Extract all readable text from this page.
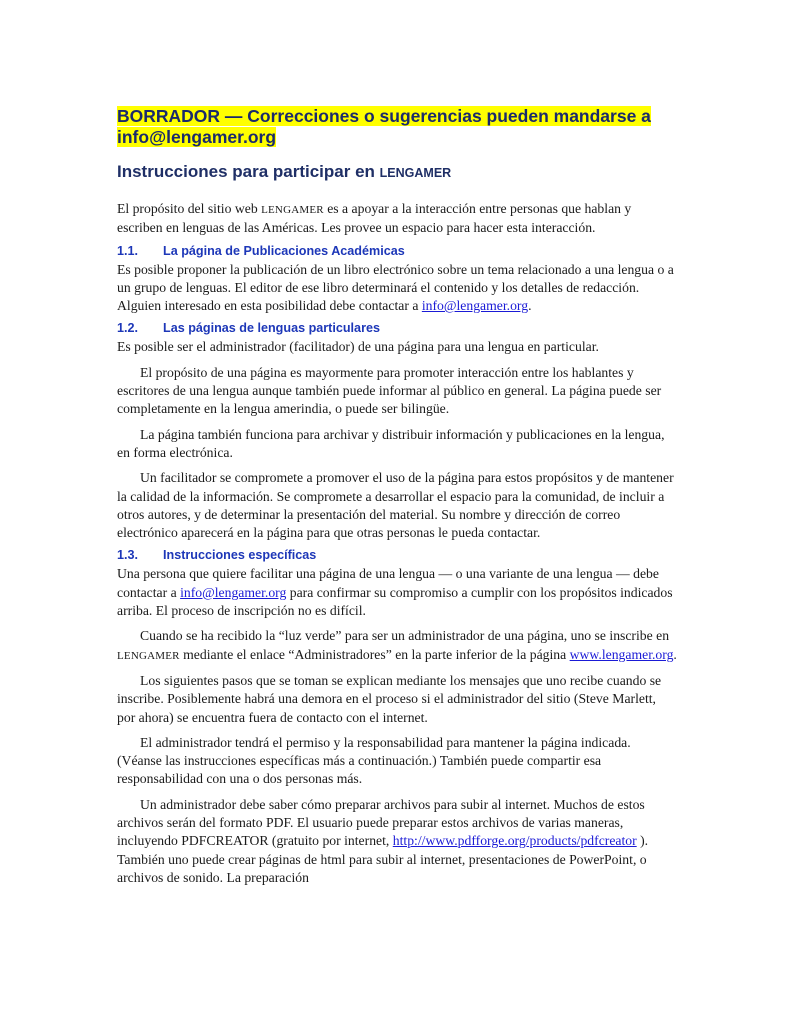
BORRADOR — Correcciones o sugerencias pueden mandarse a
info@lengamer.org
Instrucciones para participar en LENGAMER

El propósito del sitio web LENGAMER es a apoyar a la interacción entre personas que hablan y escriben en lenguas de las Américas. Les provee un espacio para hacer esta interacción.

1.1.	La página de Publicaciones Académicas

Es posible proponer la publicación de un libro electrónico sobre un tema relacionado a una lengua o a un grupo de lenguas. El editor de ese libro determinará el contenido y los detalles de redacción. Alguien interesado en esta posibilidad debe contactar a info@lengamer.org.

1.2.	Las páginas de lenguas particulares

Es posible ser el administrador (facilitador) de una página para una lengua en particular.

El propósito de una página es mayormente para promoter interacción entre los hablantes y escritores de una lengua aunque también puede informar al público en general. La página puede ser completamente en la lengua amerindia, o puede ser bilingüe.

La página también funciona para archivar y distribuir información y publicaciones en la lengua, en forma electrónica.

Un facilitador se compromete a promover el uso de la página para estos propósitos y de mantener la calidad de la información. Se compromete a desarrollar el espacio para la comunidad, de incluir a otros autores, y de determinar la presentación del material. Su nombre y dirección de correo electrónico aparecerá en la página para que otras personas le pueda contactar.

1.3.	Instrucciones específicas

Una persona que quiere facilitar una página de una lengua — o una variante de una lengua — debe contactar a info@lengamer.org para confirmar su compromiso a cumplir con los propósitos indicados arriba. El proceso de inscripción no es difícil.

Cuando se ha recibido la “luz verde” para ser un administrador de una página, uno se inscribe en LENGAMER mediante el enlace “Administradores” en la parte inferior de la página www.lengamer.org.

Los siguientes pasos que se toman se explican mediante los mensajes que uno recibe cuando se inscribe. Posiblemente habrá una demora en el proceso si el administrador del sitio (Steve Marlett, por ahora) se encuentra fuera de contacto con el internet.

El administrador tendrá el permiso y la responsabilidad para mantener la página indicada. (Véanse las instrucciones específicas más a continuación.) También puede compartir esa responsabilidad con una o dos personas más.

Un administrador debe saber cómo preparar archivos para subir al internet. Muchos de estos archivos serán del formato PDF. El usuario puede preparar estos archivos de varias maneras, incluyendo PDFCREATOR (gratuito por internet, http://www.pdfforge.org/products/pdfcreator ). También uno puede crear páginas de html para subir al internet, presentaciones de PowerPoint, o archivos de sonido. La preparación
